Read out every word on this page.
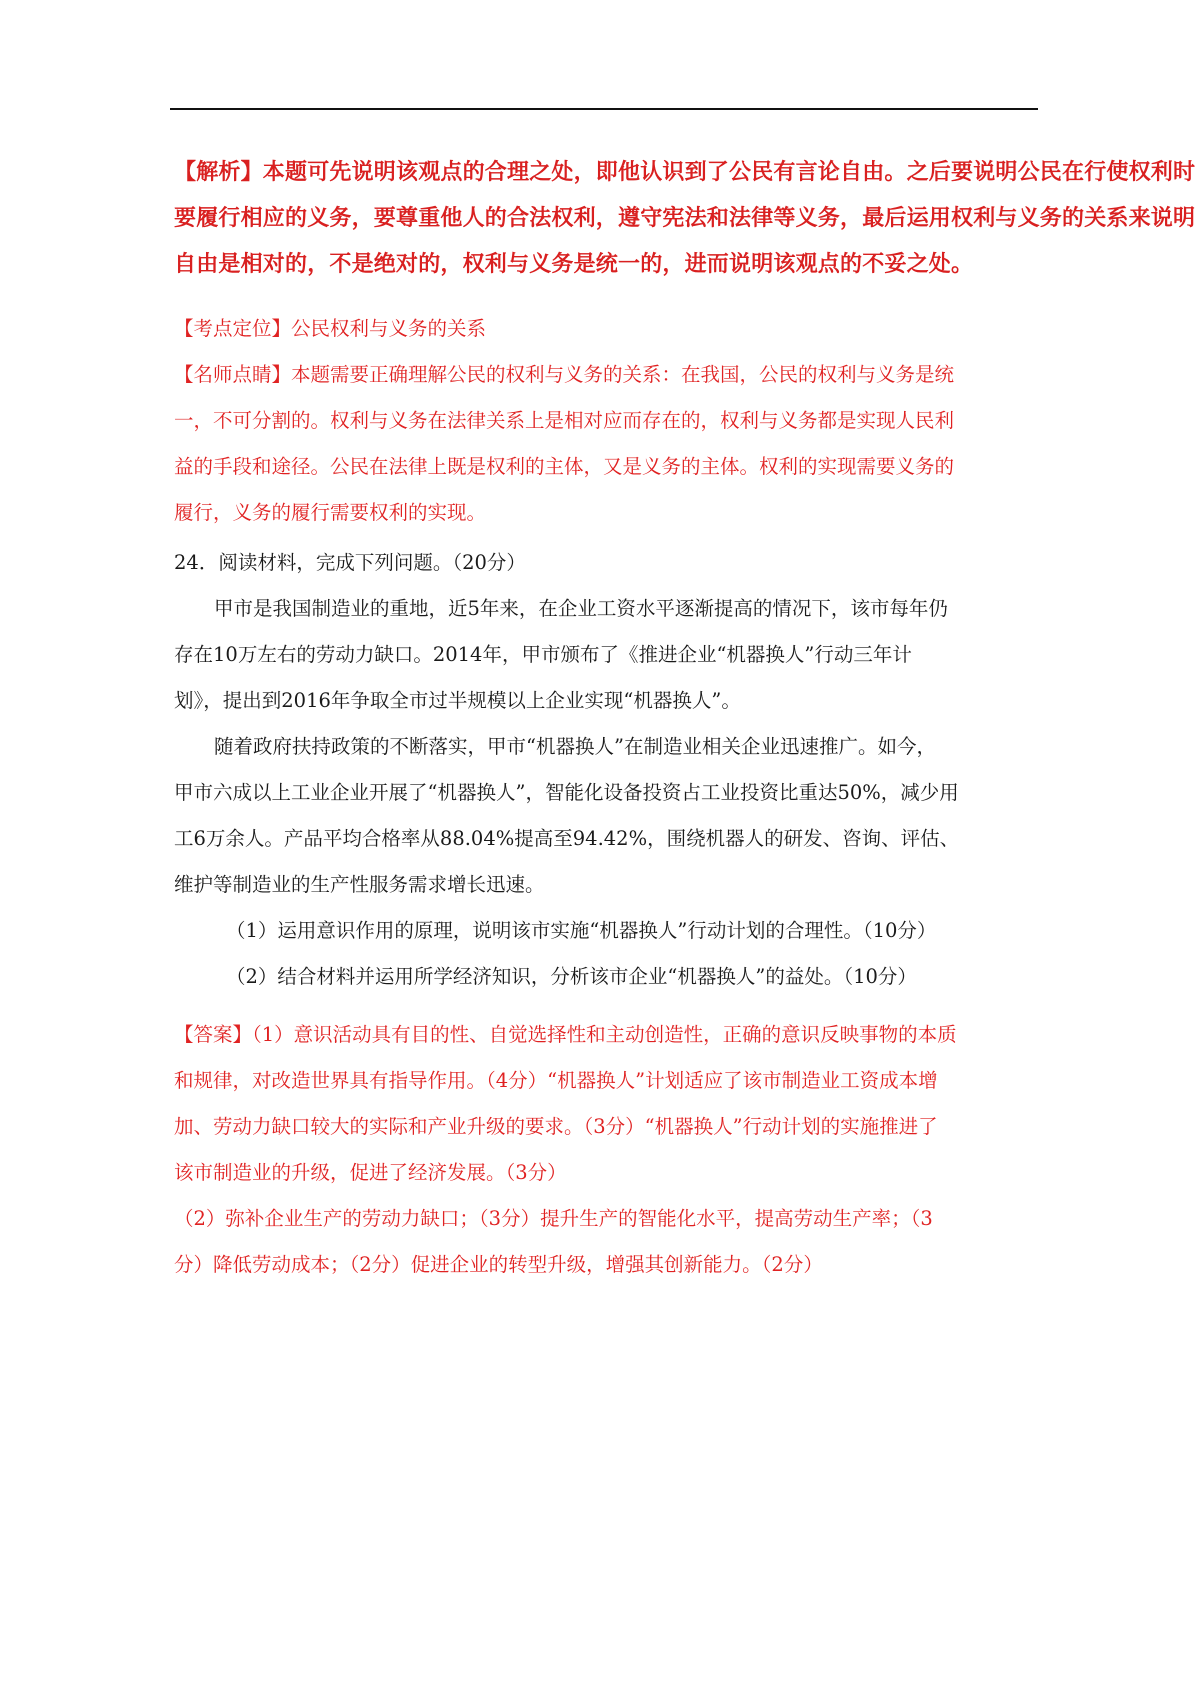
【解析】本题可先说明该观点的合理之处，即他认识到了公民有言论自由。之后要说明公民在行使权利时
要履行相应的义务，要尊重他人的合法权利，遵守宪法和法律等义务，最后运用权利与义务的关系来说明
自由是相对的，不是绝对的，权利与义务是统一的，进而说明该观点的不妥之处。
【考点定位】公民权利与义务的关系
【名师点睛】本题需要正确理解公民的权利与义务的关系：在我国，公民的权利与义务是统
一，不可分割的。权利与义务在法律关系上是相对应而存在的，权利与义务都是实现人民利
益的手段和途径。公民在法律上既是权利的主体，又是义务的主体。权利的实现需要义务的
履行，义务的履行需要权利的实现。
24．阅读材料，完成下列问题。（20分）
甲市是我国制造业的重地，近5年来，在企业工资水平逐渐提高的情况下，该市每年仍
存在10万左右的劳动力缺口。2014年，甲市颁布了《推进企业“机器换人”行动三年计
划》，提出到2016年争取全市过半规模以上企业实现“机器换人”。
随着政府扶持政策的不断落实，甲市“机器换人”在制造业相关企业迅速推广。如今，
甲市六成以上工业企业开展了“机器换人”，智能化设备投资占工业投资比重达50%，减少用
工6万余人。产品平均合格率从88.04%提高至94.42%，围绕机器人的研发、咨询、评估、
维护等制造业的生产性服务需求增长迅速。
（1）运用意识作用的原理，说明该市实施“机器换人”行动计划的合理性。（10分）
（2）结合材料并运用所学经济知识，分析该市企业“机器换人”的益处。（10分）
【答案】（1）意识活动具有目的性、自觉选择性和主动创造性，正确的意识反映事物的本质
和规律，对改造世界具有指导作用。（4分）“机器换人”计划适应了该市制造业工资成本增
加、劳动力缺口较大的实际和产业升级的要求。（3分）“机器换人”行动计划的实施推进了
该市制造业的升级，促进了经济发展。（3分）
（2）弥补企业生产的劳动力缺口；（3分）提升生产的智能化水平，提高劳动生产率；（3
分）降低劳动成本；（2分）促进企业的转型升级，增强其创新能力。（2分）
